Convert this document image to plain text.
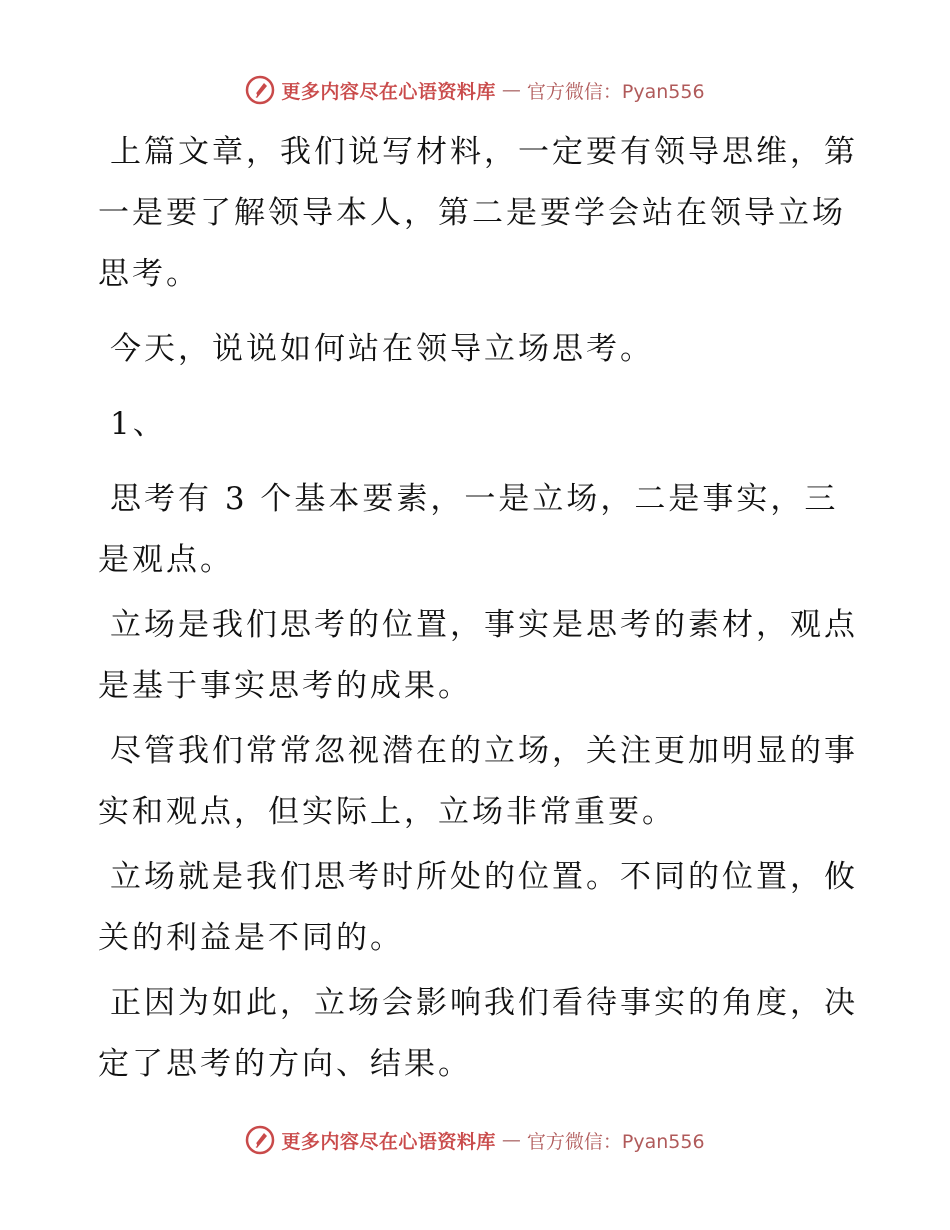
更多内容尽在心语资料库 — 官方微信：Pyan556

上篇文章，我们说写材料，一定要有领导思维，第一是要了解领导本人，第二是要学会站在领导立场思考。

今天，说说如何站在领导立场思考。

1、

思考有 3 个基本要素，一是立场，二是事实，三是观点。

立场是我们思考的位置，事实是思考的素材，观点是基于事实思考的成果。

尽管我们常常忽视潜在的立场，关注更加明显的事实和观点，但实际上，立场非常重要。

立场就是我们思考时所处的位置。不同的位置，攸关的利益是不同的。

正因为如此，立场会影响我们看待事实的角度，决定了思考的方向、结果。

更多内容尽在心语资料库 — 官方微信：Pyan556
